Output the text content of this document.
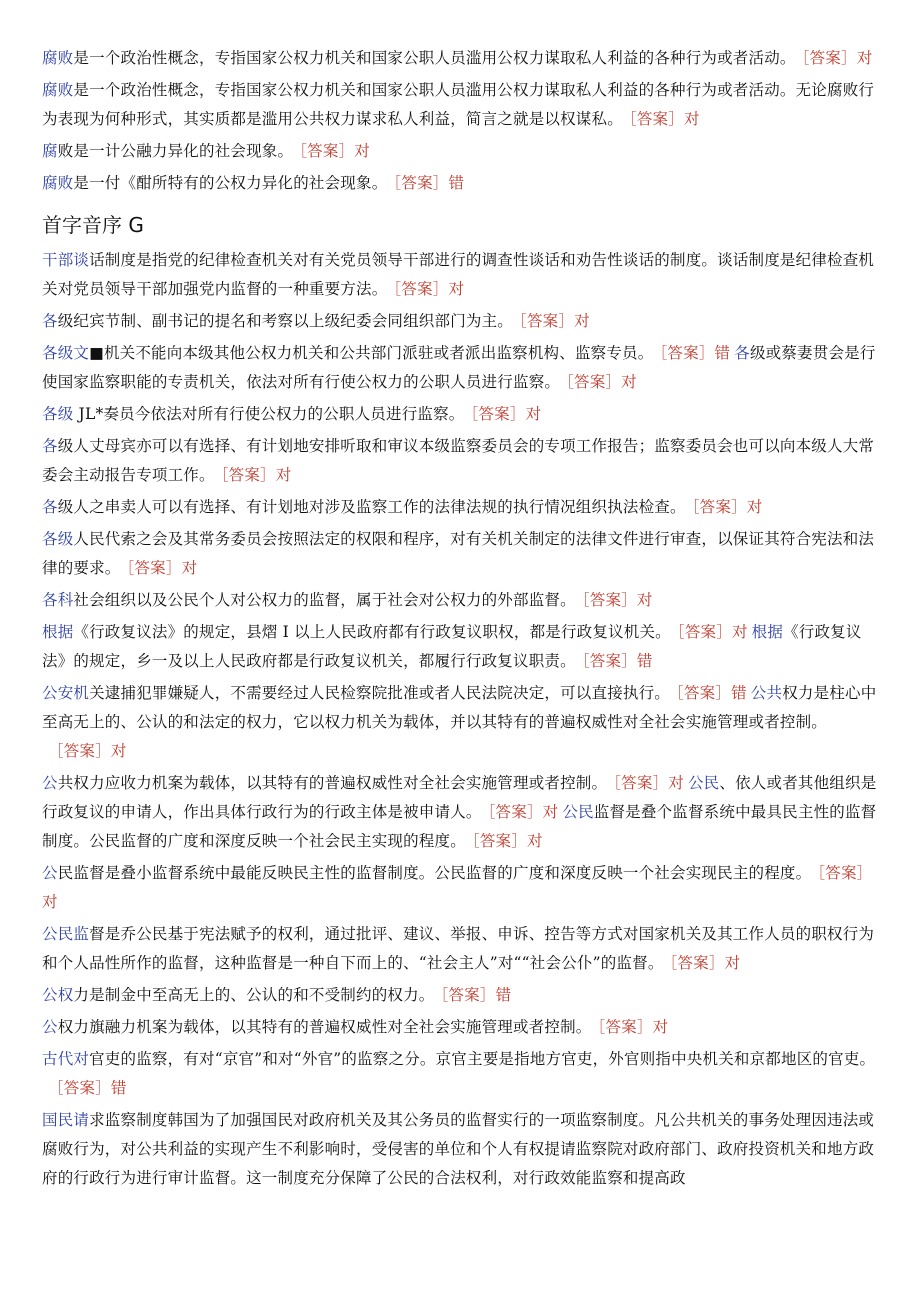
腐败是一个政治性概念，专指国家公权力机关和国家公职人员滥用公权力谋取私人利益的各种行为或者活动。 ［答案］对

腐败是一个政治性概念，专指国家公权力机关和国家公职人员滥用公权力谋取私人利益的各种行为或者活动。无论腐败行为表现为何种形式，其实质都是滥用公共权力谋求私人利益，简言之就是以权谋私。 ［答案］对

腐败是一计公融力异化的社会现象。 ［答案］对

腐败是一付《酣所特有的公权力异化的社会现象。 ［答案］错

首字音序 G

干部谈话制度是指党的纪律检查机关对有关党员领导干部进行的调查性谈话和劝告性谈话的制度。谈话制度是纪律检查机关对党员领导干部加强党内监督的一种重要方法。 ［答案］对

各级纪宾节制、副书记的提名和考察以上级纪委会同组织部门为主。 ［答案］对

各级文■机关不能向本级其他公权力机关和公共部门派驻或者派出监察机构、监察专员。 ［答案］错 各级或蔡妻贯会是行使国家监察职能的专责机关，依法对所有行使公权力的公职人员进行监察。 ［答案］对

各级 JL*奏员今依法对所有行使公权力的公职人员进行监察。 ［答案］对

各级人丈母宾亦可以有选择、有计划地安排听取和审议本级监察委员会的专项工作报告；监察委员会也可以向本级人大常委会主动报告专项工作。 ［答案］对

各级人之串卖人可以有选择、有计划地对涉及监察工作的法律法规的执行情况组织执法检查。 ［答案］对

各级人民代索之会及其常务委员会按照法定的权限和程序，对有关机关制定的法律文件进行审查，以保证其符合宪法和法律的要求。 ［答案］对

各科社会组织以及公民个人对公权力的监督，属于社会对公权力的外部监督。 ［答案］对

根据《行政复议法》的规定，县熠 I 以上人民政府都有行政复议职权，都是行政复议机关。 ［答案］对 根据《行政复议法》的规定，乡一及以上人民政府都是行政复议机关，都履行行政复议职责。 ［答案］错

公安机关逮捕犯罪嫌疑人，不需要经过人民检察院批准或者人民法院决定，可以直接执行。 ［答案］错 公共权力是柱心中至高无上的、公认的和法定的权力，它以权力机关为载体，并以其特有的普遍权威性对全社会实施管理或者控制。［答案］对

公共权力应收力机案为载体，以其特有的普遍权威性对全社会实施管理或者控制。 ［答案］对 公民、依人或者其他组织是行政复议的申请人，作出具体行政行为的行政主体是被申请人。 ［答案］对 公民监督是叠个监督系统中最具民主性的监督制度。公民监督的广度和深度反映一个社会民主实现的程度。 ［答案］对

公民监督是叠小监督系统中最能反映民主性的监督制度。公民监督的广度和深度反映一个社会实现民主的程度。 ［答案］对

公民监督是乔公民基于宪法赋予的权利，通过批评、建议、举报、申诉、控告等方式对国家机关及其工作人员的职权行为和个人品性所作的监督，这种监督是一种自下而上的、“社会主人”对““社会公仆”的监督。 ［答案］对

公权力是制金中至高无上的、公认的和不受制约的权力。 ［答案］错

公权力旗融力机案为载体，以其特有的普遍权威性对全社会实施管理或者控制。 ［答案］对

古代对官吏的监察，有对“京官”和对“外官”的监察之分。京官主要是指地方官吏，外官则指中央机关和京都地区的官吏。［答案］错

国民请求监察制度韩国为了加强国民对政府机关及其公务员的监督实行的一项监察制度。凡公共机关的事务处理因违法或腐败行为，对公共利益的实现产生不利影响时，受侵害的单位和个人有权提请监察院对政府部门、政府投资机关和地方政府的行政行为进行审计监督。这一制度充分保障了公民的合法权利，对行政效能监察和提高政
